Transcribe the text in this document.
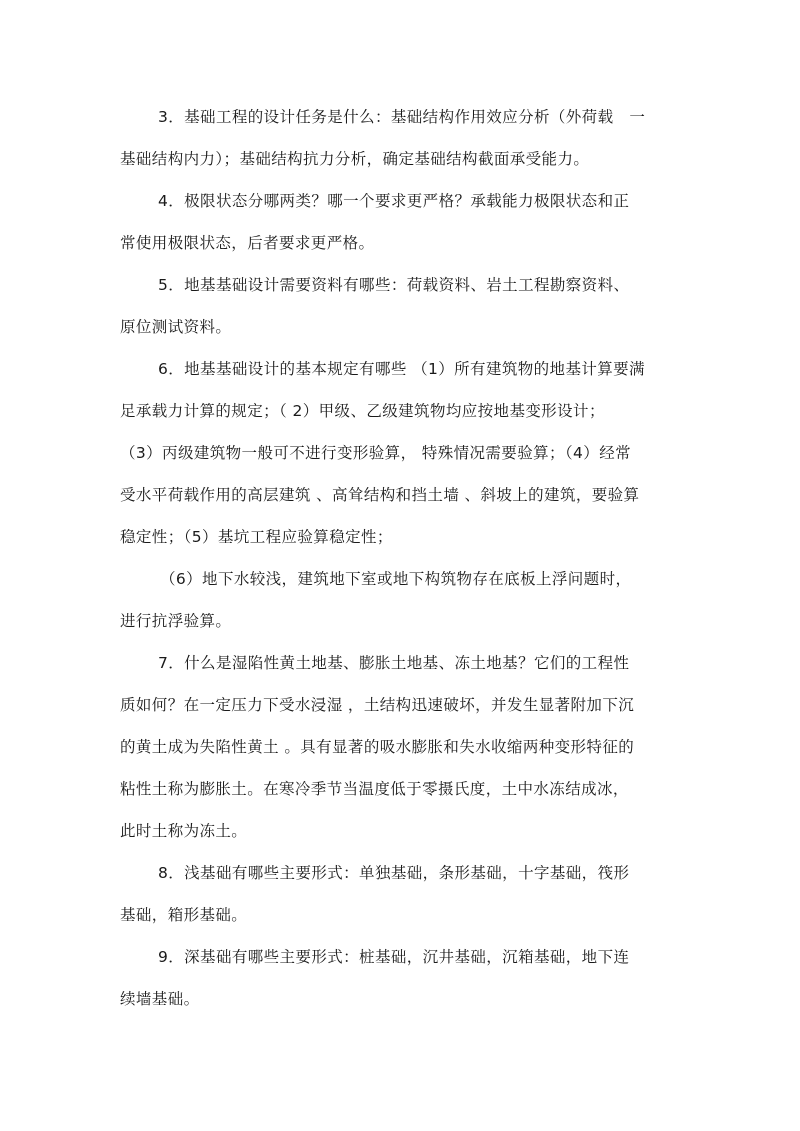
3．基础工程的设计任务是什么：基础结构作用效应分析（外荷载　一
基础结构内力）；基础结构抗力分析，确定基础结构截面承受能力。
4．极限状态分哪两类？哪一个要求更严格？承载能力极限状态和正
常使用极限状态，后者要求更严格。
5．地基基础设计需要资料有哪些：荷载资料、岩土工程勘察资料、
原位测试资料。
6．地基基础设计的基本规定有哪些 （1）所有建筑物的地基计算要满
足承载力计算的规定；（ 2）甲级、乙级建筑物均应按地基变形设计；
（3）丙级建筑物一般可不进行变形验算， 特殊情况需要验算；（4）经常
受水平荷载作用的高层建筑 、高耸结构和挡土墙 、斜坡上的建筑，要验算
稳定性；（5）基坑工程应验算稳定性；
（6）地下水较浅，建筑地下室或地下构筑物存在底板上浮问题时，
进行抗浮验算。
7．什么是湿陷性黄土地基、膨胀土地基、冻土地基？它们的工程性
质如何？在一定压力下受水浸湿 ，土结构迅速破坏，并发生显著附加下沉
的黄土成为失陷性黄土 。具有显著的吸水膨胀和失水收缩两种变形特征的
粘性土称为膨胀土。在寒冷季节当温度低于零摄氏度，土中水冻结成冰，
此时土称为冻土。
8．浅基础有哪些主要形式：单独基础，条形基础，十字基础，筏形
基础，箱形基础。
9．深基础有哪些主要形式：桩基础，沉井基础，沉箱基础，地下连
续墙基础。
